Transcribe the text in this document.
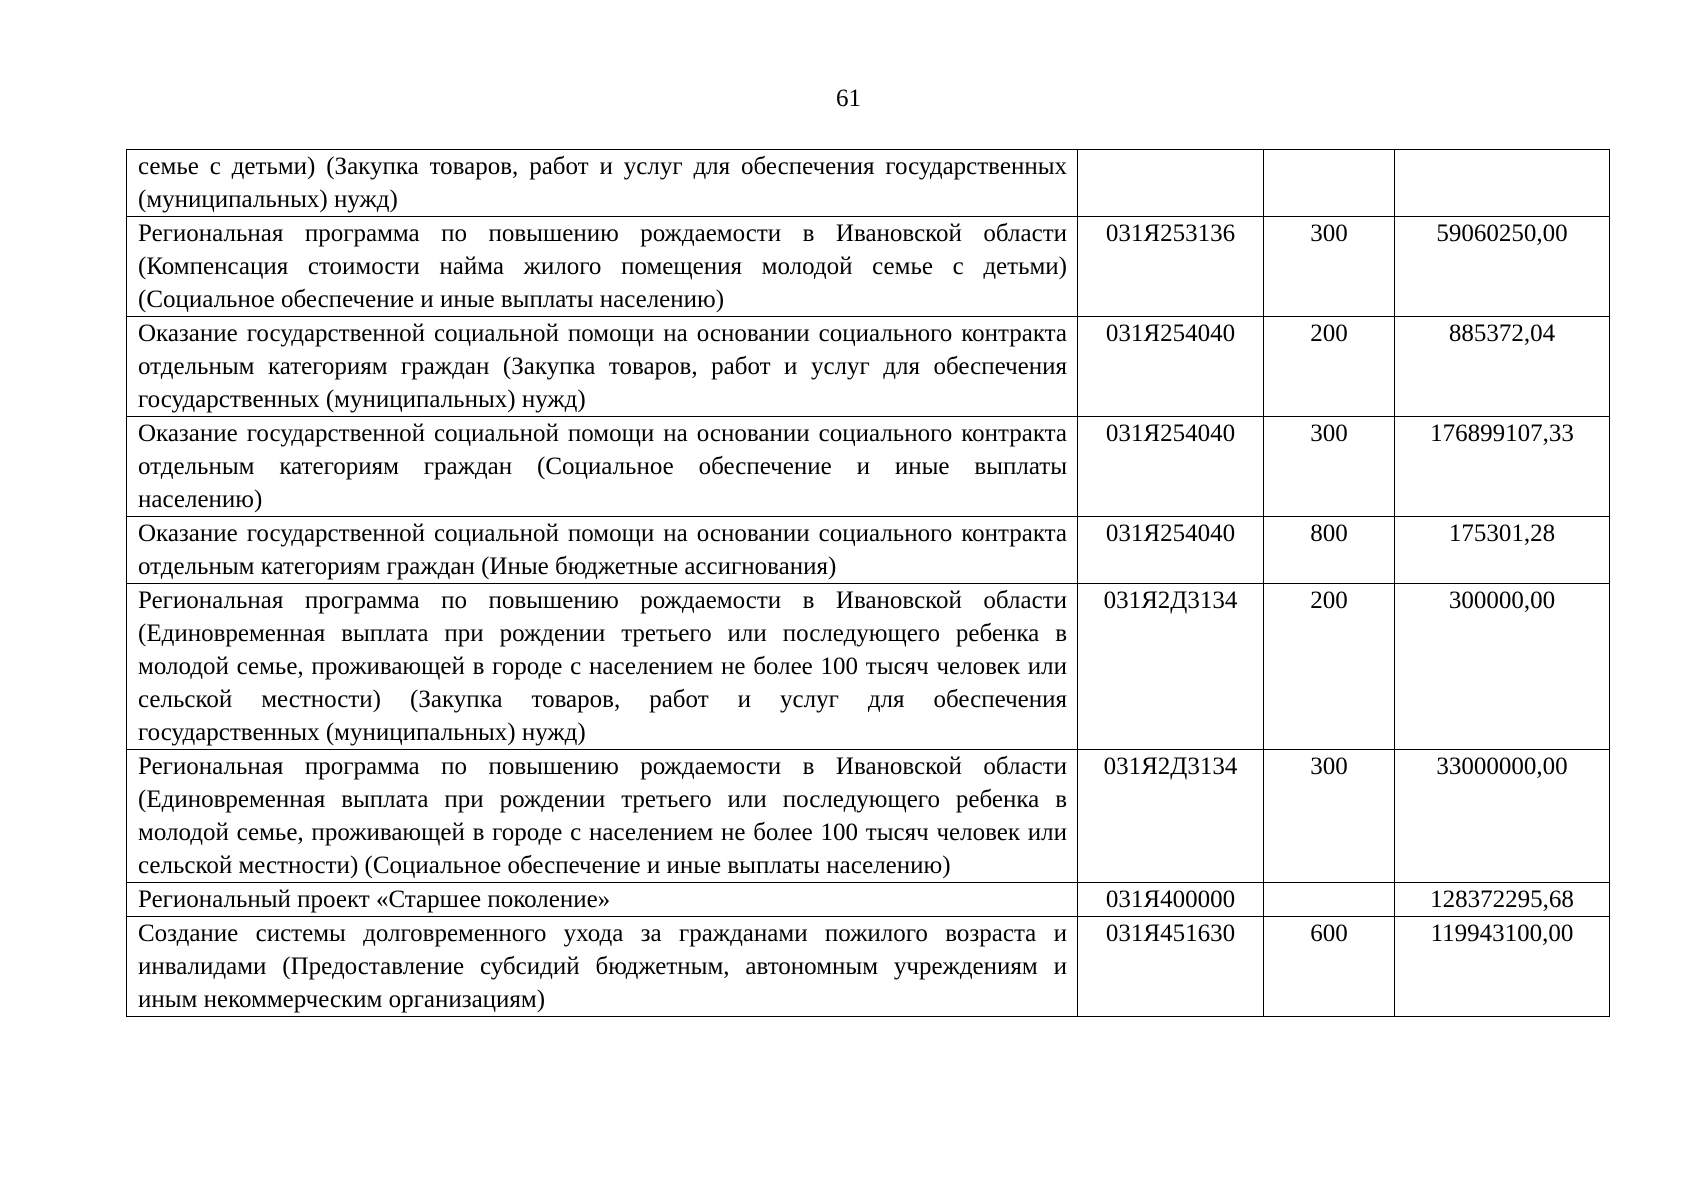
61
семье с детьми) (Закупка товаров, работ и услуг для обеспечения государственных (муниципальных) нужд)			
Региональная программа по повышению рождаемости в Ивановской области (Компенсация стоимости найма жилого помещения молодой семье с детьми) (Социальное обеспечение и иные выплаты населению)	031Я253136	300	59060250,00
Оказание государственной социальной помощи на основании социального контракта отдельным категориям граждан (Закупка товаров, работ и услуг для обеспечения государственных (муниципальных) нужд)	031Я254040	200	885372,04
Оказание государственной социальной помощи на основании социального контракта отдельным категориям граждан (Социальное обеспечение и иные выплаты населению)	031Я254040	300	176899107,33
Оказание государственной социальной помощи на основании социального контракта отдельным категориям граждан (Иные бюджетные ассигнования)	031Я254040	800	175301,28
Региональная программа по повышению рождаемости в Ивановской области (Единовременная выплата при рождении третьего или последующего ребенка в молодой семье, проживающей в городе с населением не более 100 тысяч человек или сельской местности) (Закупка товаров, работ и услуг для обеспечения государственных (муниципальных) нужд)	031Я2Д3134	200	300000,00
Региональная программа по повышению рождаемости в Ивановской области (Единовременная выплата при рождении третьего или последующего ребенка в молодой семье, проживающей в городе с населением не более 100 тысяч человек или сельской местности) (Социальное обеспечение и иные выплаты населению)	031Я2Д3134	300	33000000,00
Региональный проект «Старшее поколение»	031Я400000		128372295,68
Создание системы долговременного ухода за гражданами пожилого возраста и инвалидами (Предоставление субсидий бюджетным, автономным учреждениям и иным некоммерческим организациям)	031Я451630	600	119943100,00
